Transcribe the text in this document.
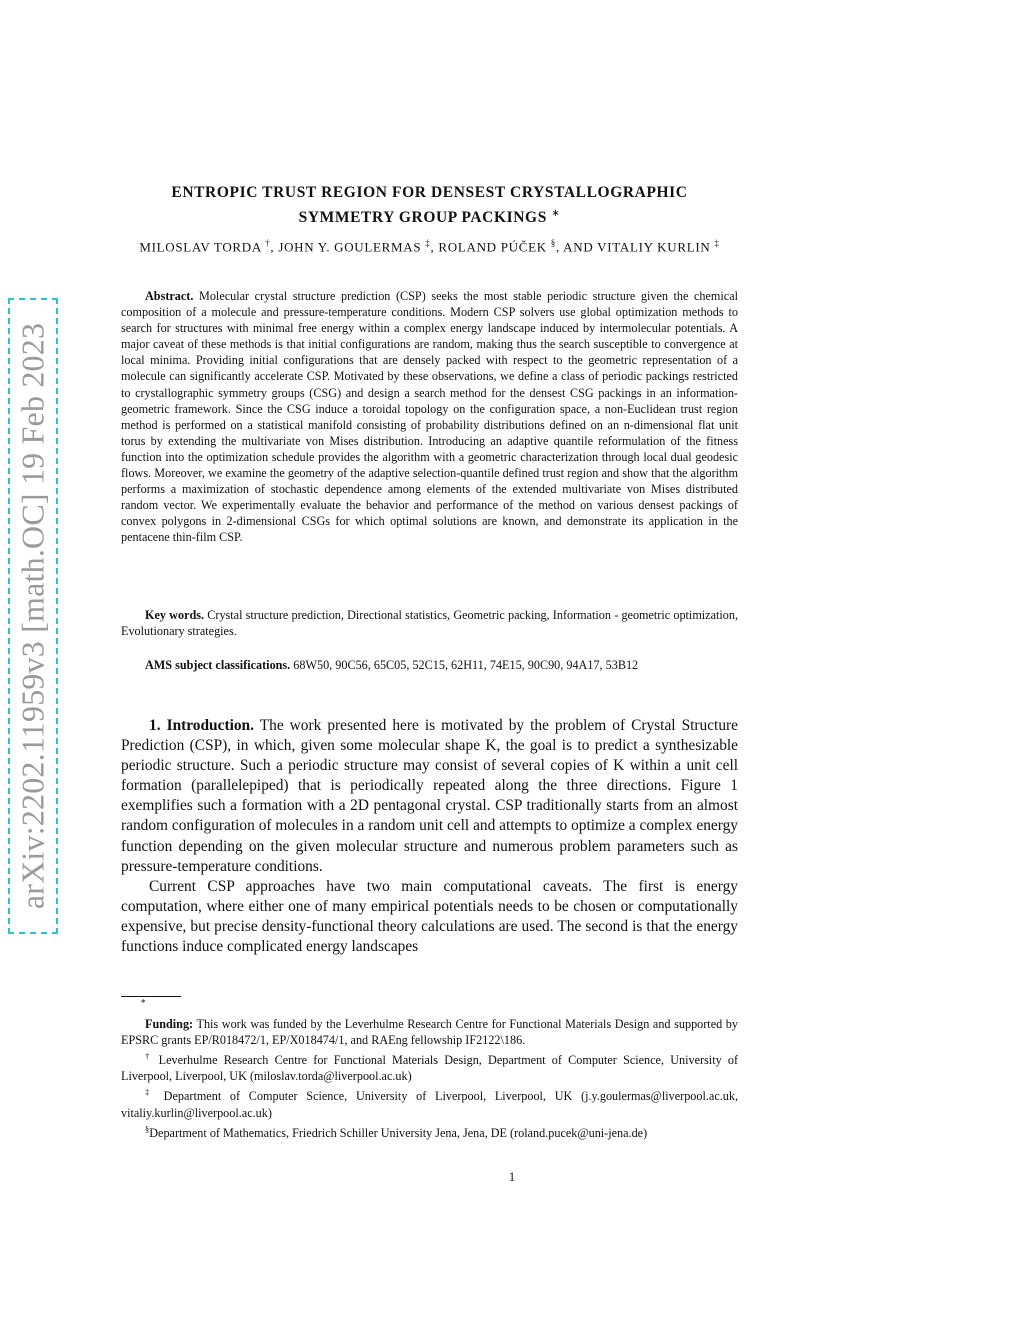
arXiv:2202.11959v3 [math.OC] 19 Feb 2023
ENTROPIC TRUST REGION FOR DENSEST CRYSTALLOGRAPHIC SYMMETRY GROUP PACKINGS ∗
MILOSLAV TORDA †, JOHN Y. GOULERMAS ‡, ROLAND PÚČEK §, AND VITALIY KURLIN ‡
Abstract. Molecular crystal structure prediction (CSP) seeks the most stable periodic structure given the chemical composition of a molecule and pressure-temperature conditions. Modern CSP solvers use global optimization methods to search for structures with minimal free energy within a complex energy landscape induced by intermolecular potentials. A major caveat of these methods is that initial configurations are random, making thus the search susceptible to convergence at local minima. Providing initial configurations that are densely packed with respect to the geometric representation of a molecule can significantly accelerate CSP. Motivated by these observations, we define a class of periodic packings restricted to crystallographic symmetry groups (CSG) and design a search method for the densest CSG packings in an information-geometric framework. Since the CSG induce a toroidal topology on the configuration space, a non-Euclidean trust region method is performed on a statistical manifold consisting of probability distributions defined on an n-dimensional flat unit torus by extending the multivariate von Mises distribution. Introducing an adaptive quantile reformulation of the fitness function into the optimization schedule provides the algorithm with a geometric characterization through local dual geodesic flows. Moreover, we examine the geometry of the adaptive selection-quantile defined trust region and show that the algorithm performs a maximization of stochastic dependence among elements of the extended multivariate von Mises distributed random vector. We experimentally evaluate the behavior and performance of the method on various densest packings of convex polygons in 2-dimensional CSGs for which optimal solutions are known, and demonstrate its application in the pentacene thin-film CSP.
Key words. Crystal structure prediction, Directional statistics, Geometric packing, Information - geometric optimization, Evolutionary strategies.
AMS subject classifications. 68W50, 90C56, 65C05, 52C15, 62H11, 74E15, 90C90, 94A17, 53B12

1. Introduction. The work presented here is motivated by the problem of Crystal Structure Prediction (CSP), in which, given some molecular shape K, the goal is to predict a synthesizable periodic structure. Such a periodic structure may consist of several copies of K within a unit cell formation (parallelepiped) that is periodically repeated along the three directions. Figure 1 exemplifies such a formation with a 2D pentagonal crystal. CSP traditionally starts from an almost random configuration of molecules in a random unit cell and attempts to optimize a complex energy function depending on the given molecular structure and numerous problem parameters such as pressure-temperature conditions.

Current CSP approaches have two main computational caveats. The first is energy computation, where either one of many empirical potentials needs to be chosen or computationally expensive, but precise density-functional theory calculations are used. The second is that the energy functions induce complicated energy landscapes

∗

Funding: This work was funded by the Leverhulme Research Centre for Functional Materials Design and supported by EPSRC grants EP/R018472/1, EP/X018474/1, and RAEng fellowship IF2122\186.

† Leverhulme Research Centre for Functional Materials Design, Department of Computer Science, University of Liverpool, Liverpool, UK (miloslav.torda@liverpool.ac.uk)

‡ Department of Computer Science, University of Liverpool, Liverpool, UK (j.y.goulermas@liverpool.ac.uk, vitaliy.kurlin@liverpool.ac.uk)

§Department of Mathematics, Friedrich Schiller University Jena, Jena, DE (roland.pucek@uni-jena.de)

1
